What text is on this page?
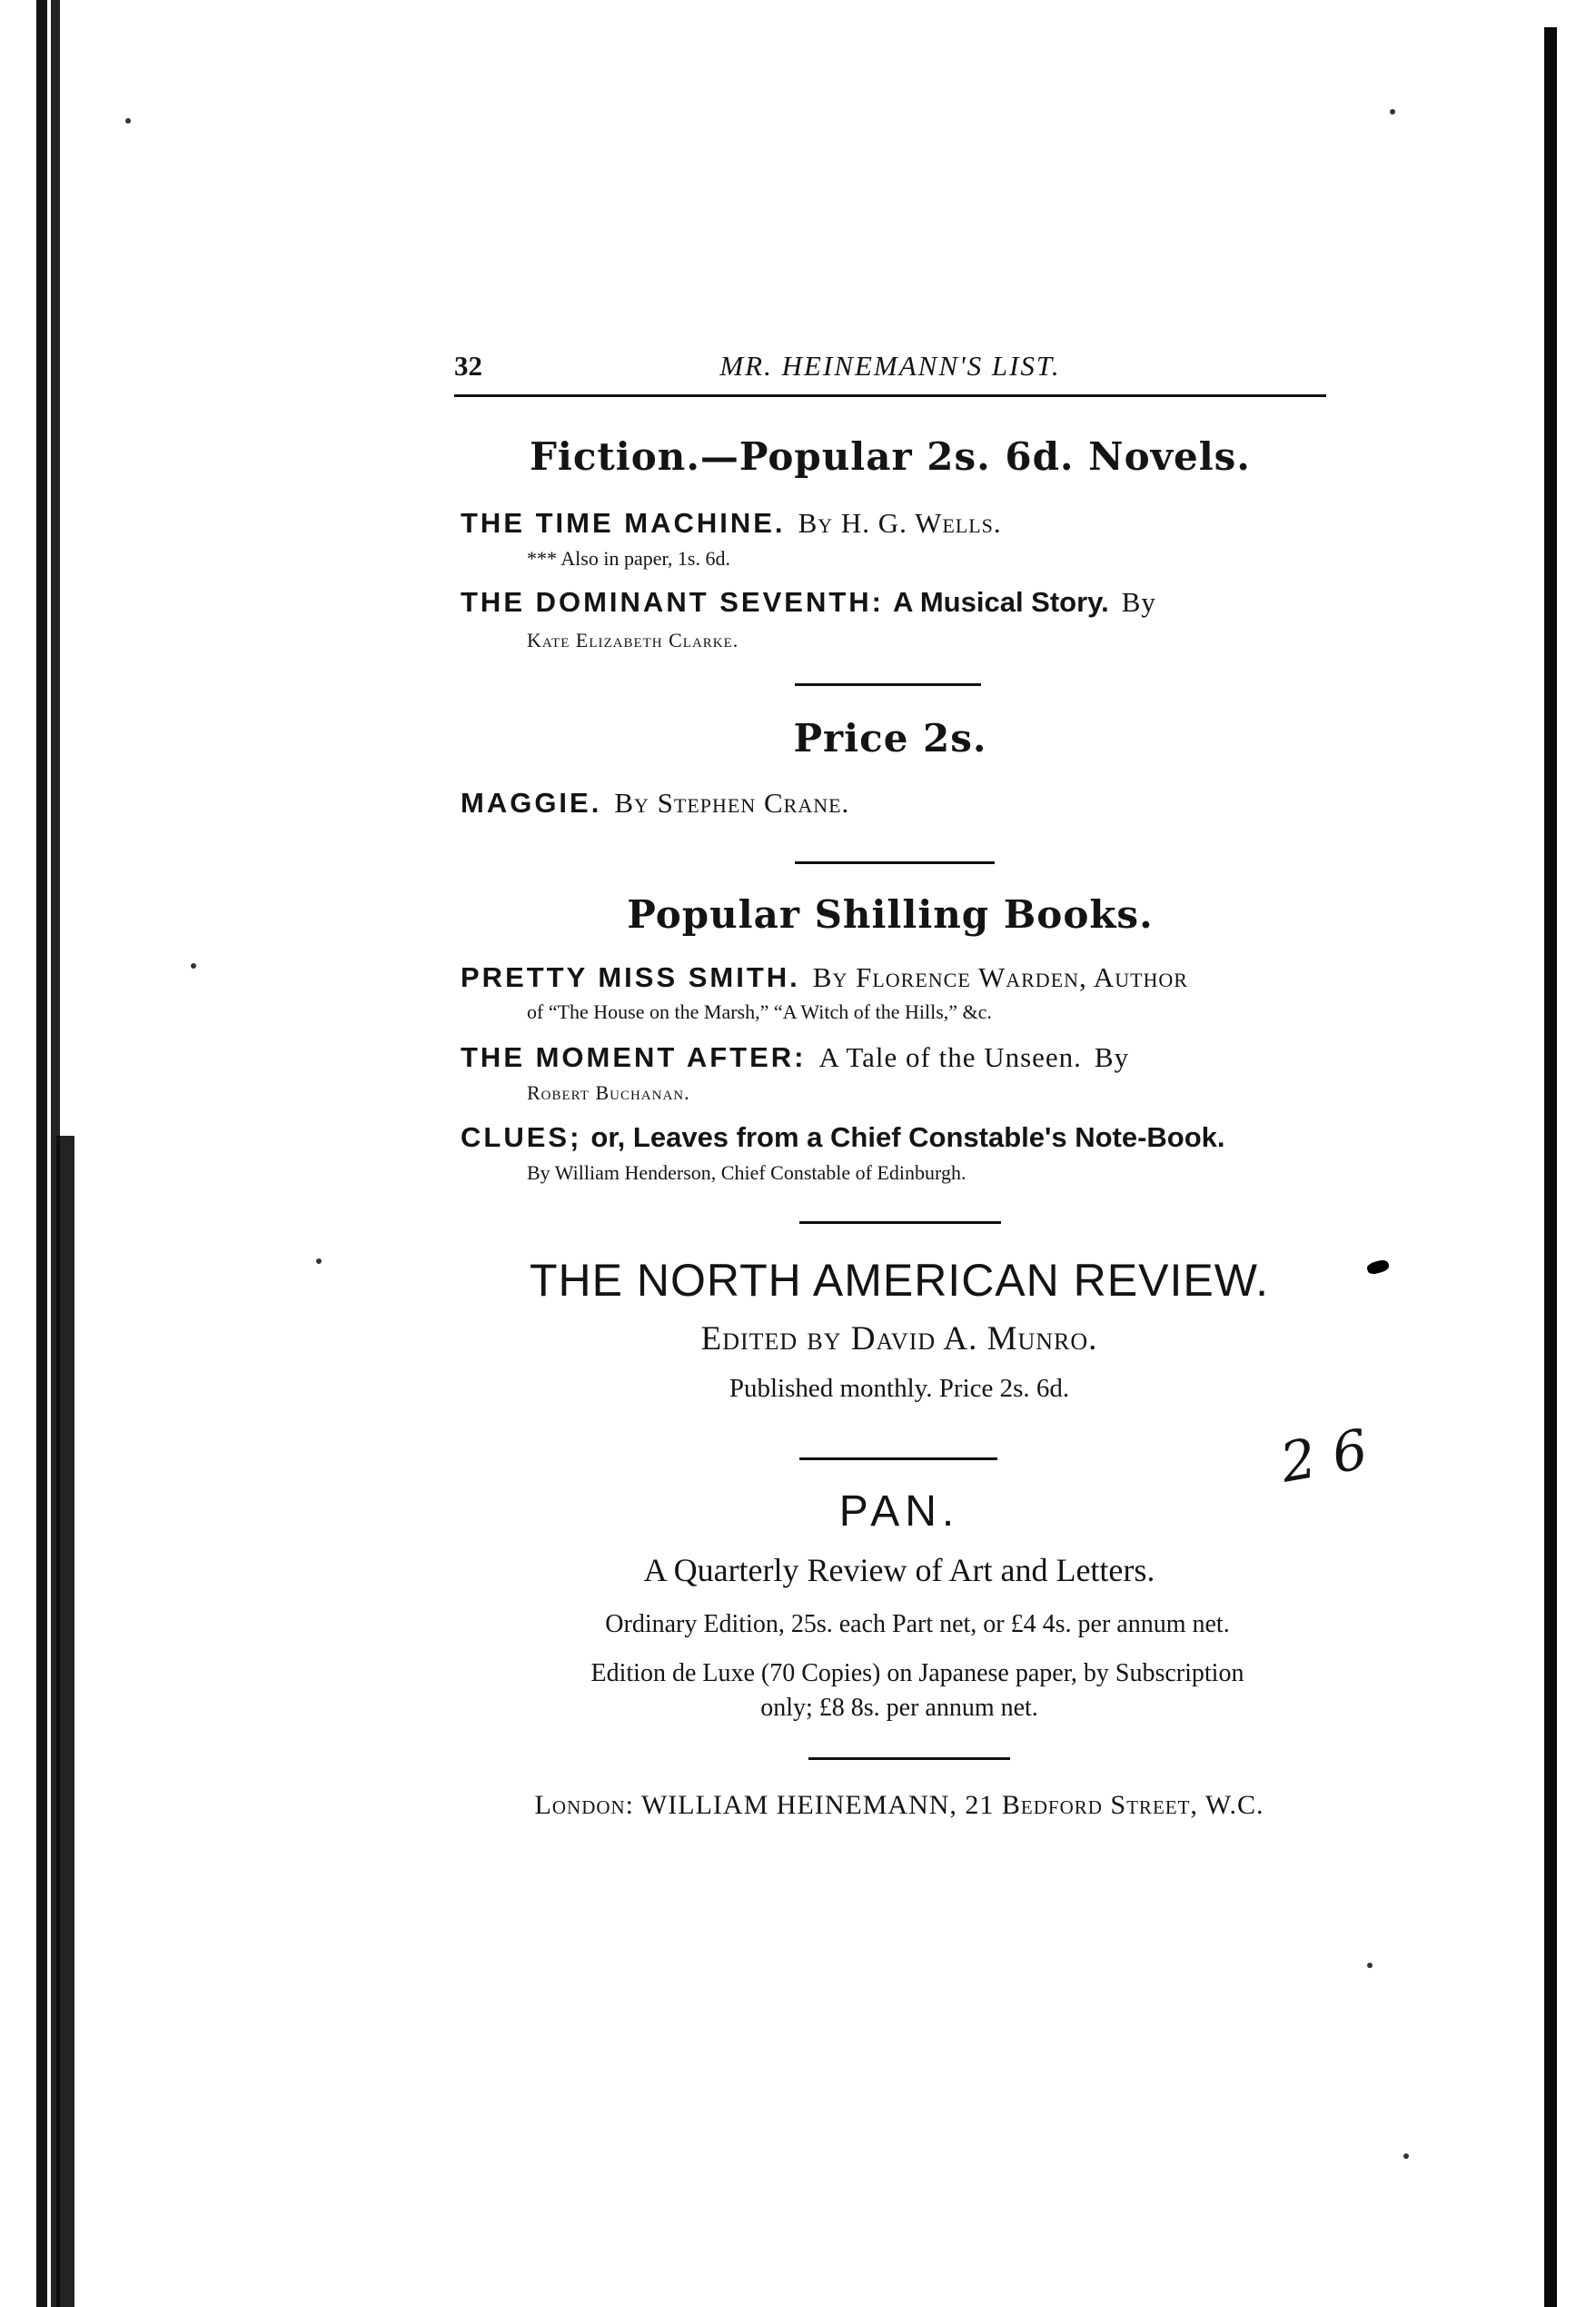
32	MR. HEINEMANN'S LIST.
Fiction.—Popular 2s. 6d. Novels.
THE TIME MACHINE. By H. G. Wells.
*** Also in paper, 1s. 6d.
THE DOMINANT SEVENTH: A Musical Story. By
Kate Elizabeth Clarke.
Price 2s.
MAGGIE. By Stephen Crane.
Popular Shilling Books.
PRETTY MISS SMITH. By Florence Warden, Author
of “The House on the Marsh,” “A Witch of the Hills,” &c.
THE MOMENT AFTER: A Tale of the Unseen. By
Robert Buchanan.
CLUES; or, Leaves from a Chief Constable's Note-Book.
By William Henderson, Chief Constable of Edinburgh.
THE NORTH AMERICAN REVIEW.
Edited by David A. Munro.
Published monthly. Price 2s. 6d.
PAN.
A Quarterly Review of Art and Letters.
Ordinary Edition, 25s. each Part net, or £4 4s. per annum net.
Edition de Luxe (70 Copies) on Japanese paper, by Subscription
only; £8 8s. per annum net.
London: WILLIAM HEINEMANN, 21 Bedford Street, W.C.
2 6
